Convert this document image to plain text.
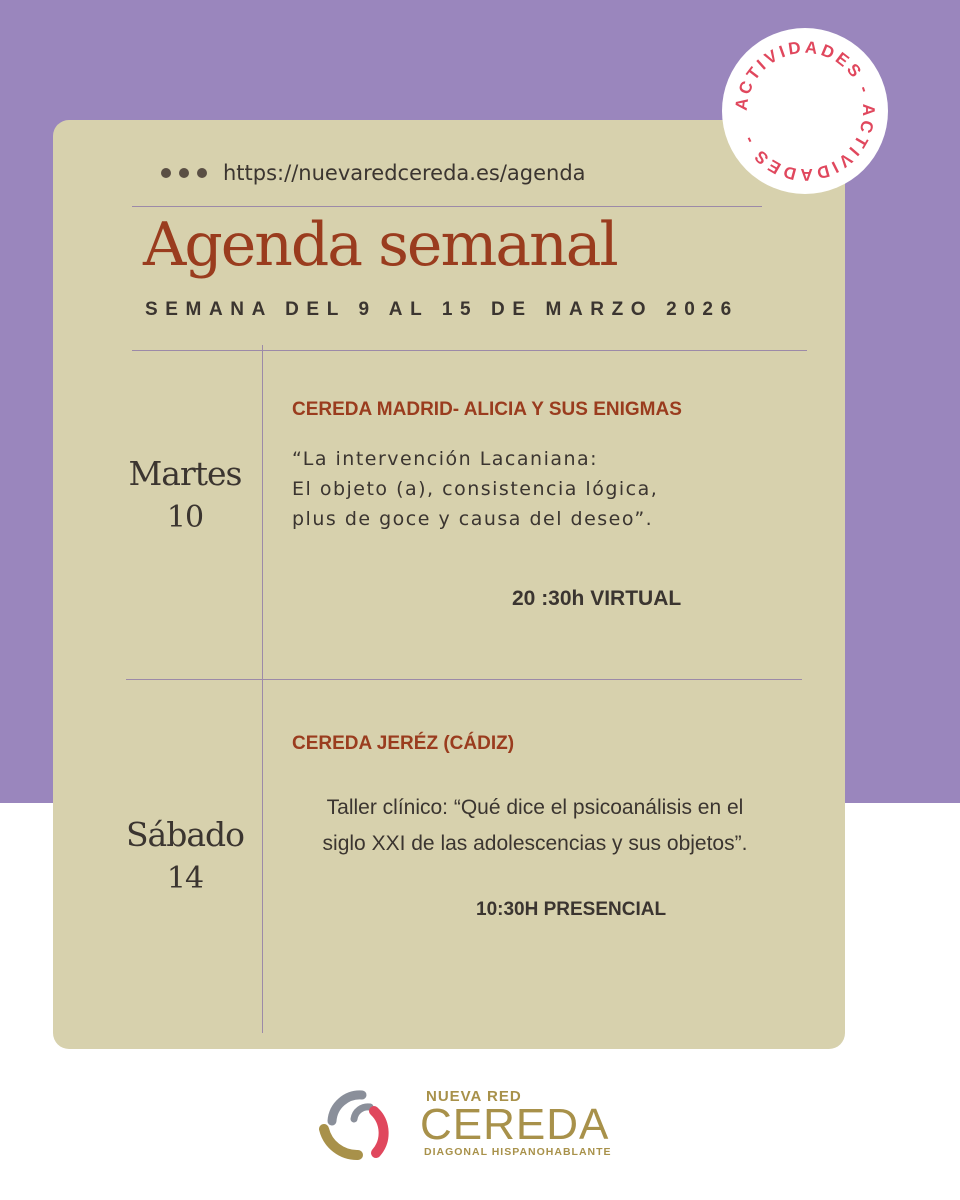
https://nuevaredcereda.es/agenda
Agenda semanal
SEMANA DEL 9 AL 15 DE MARZO 2026
Martes
10
CEREDA MADRID- ALICIA Y SUS ENIGMAS
“La intervención Lacaniana:
El objeto (a), consistencia lógica,
plus de goce y causa del deseo”.
20 :30h VIRTUAL
Sábado
14
CEREDA JERÉZ (CÁDIZ)
Taller clínico: “Qué dice el psicoanálisis en el
siglo XXI de las adolescencias y sus objetos”.
10:30H PRESENCIAL
ACTIVIDADES - ACTIVIDADES -
NUEVA RED
CEREDA
DIAGONAL HISPANOHABLANTE
